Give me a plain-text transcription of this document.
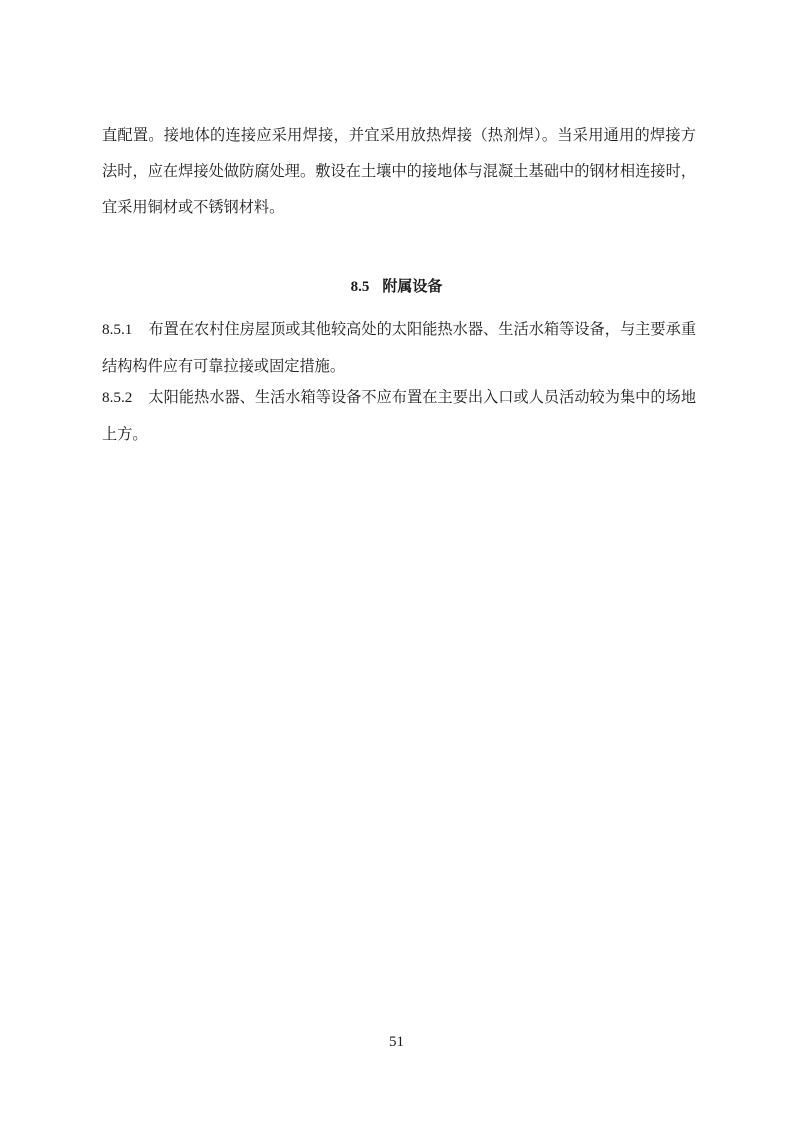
直配置。接地体的连接应采用焊接，并宜采用放热焊接（热剂焊）。当采用通用的焊接方法时，应在焊接处做防腐处理。敷设在土壤中的接地体与混凝土基础中的钢材相连接时，宜采用铜材或不锈钢材料。
8.5 附属设备
8.5.1 布置在农村住房屋顶或其他较高处的太阳能热水器、生活水箱等设备，与主要承重结构构件应有可靠拉接或固定措施。
8.5.2 太阳能热水器、生活水箱等设备不应布置在主要出入口或人员活动较为集中的场地上方。
51
